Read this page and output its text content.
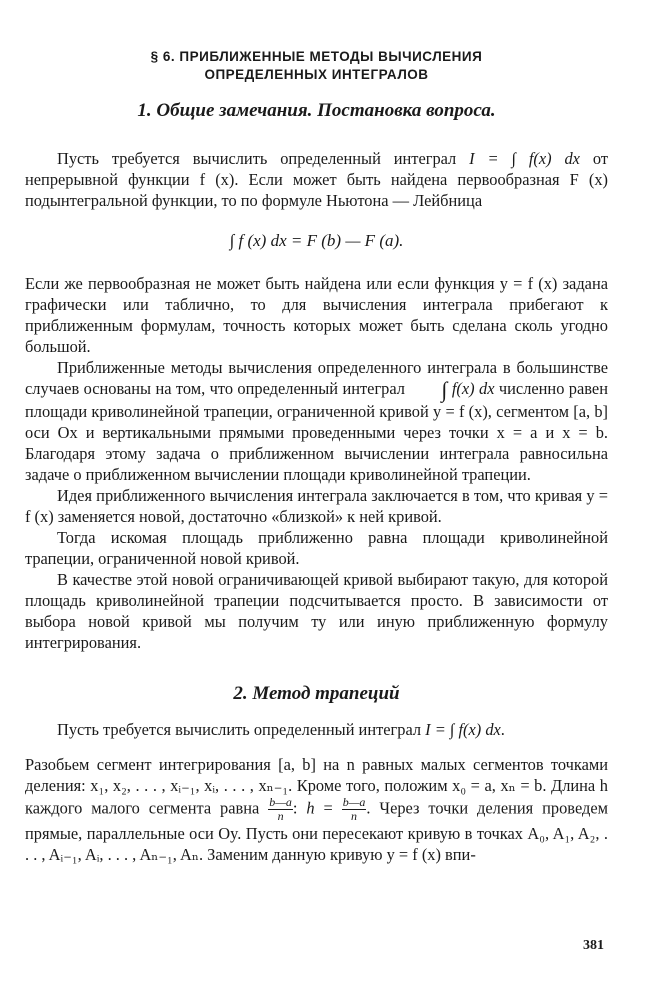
§ 6. ПРИБЛИЖЕННЫЕ МЕТОДЫ ВЫЧИСЛЕНИЯ
ОПРЕДЕЛЕННЫХ ИНТЕГРАЛОВ
1. Общие замечания. Постановка вопроса.

Пусть требуется вычислить определенный интеграл I = ∫ f(x) dx от непрерывной функции f (x). Если может быть найдена первообразная F (x) подынтегральной функции, то по формуле Ньютона — Лейбница

∫ f (x) dx = F (b) — F (a).

Если же первообразная не может быть найдена или если функция y = f (x) задана графически или таблично, то для вычисления интеграла прибегают к приближенным формулам, точность которых может быть сделана сколь угодно большой.

Приближенные методы вычисления определенного интеграла в большинстве случаев основаны на том, что определенный интеграл ∫ f(x) dx численно равен площади криволинейной трапеции, ограниченной кривой y = f (x), сегментом [a, b] оси Ox и вертикальными прямыми проведенными через точки x = a и x = b. Благодаря этому задача о приближенном вычислении интеграла равносильна задаче о приближенном вычислении площади криволинейной трапеции.

Идея приближенного вычисления интеграла заключается в том, что кривая y = f (x) заменяется новой, достаточно «близкой» к ней кривой.

Тогда искомая площадь приближенно равна площади криволинейной трапеции, ограниченной новой кривой.

В качестве этой новой ограничивающей кривой выбирают такую, для которой площадь криволинейной трапеции подсчитывается просто. В зависимости от выбора новой кривой мы получим ту или иную приближенную формулу интегрирования.

2. Метод трапеций

Пусть требуется вычислить определенный интеграл I = ∫ f(x) dx.

Разобьем сегмент интегрирования [a, b] на n равных малых сегментов точками деления: x₁, x₂, . . . , xᵢ₋₁, xᵢ, . . . , xₙ₋₁. Кроме того, положим x₀ = a, xₙ = b. Длина h каждого малого сегмента равна $\frac{b—a}{n}$ : $h = \frac{b—a}{n}$ . Через точки деления проведем прямые, параллельные оси Oy. Пусть они пересекают кривую в точках A₀, A₁, A₂, . . . , Aᵢ₋₁, Aᵢ, . . . , Aₙ₋₁, Aₙ. Заменим данную кривую y = f (x) впи-

381
